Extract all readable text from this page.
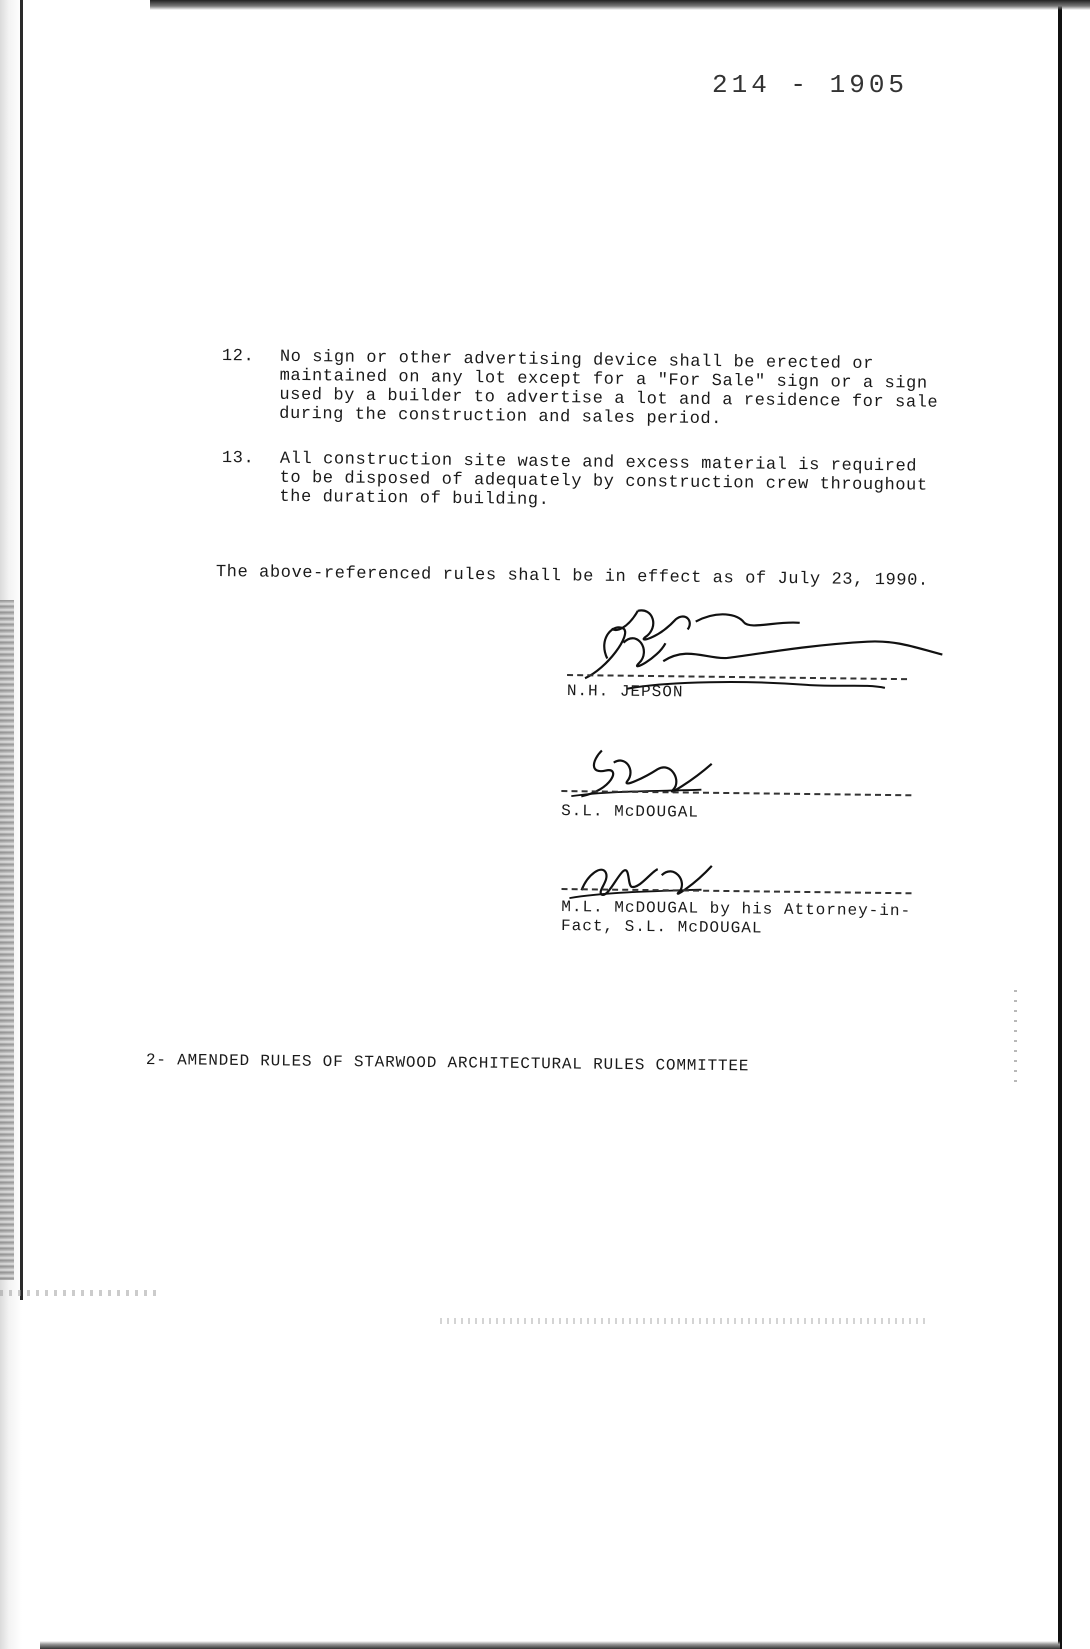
214 - 1905
12. No sign or other advertising device shall be erected or maintained on any lot except for a "For Sale" sign or a sign used by a builder to advertise a lot and a residence for sale during the construction and sales period.
13. All construction site waste and excess material is required to be disposed of adequately by construction crew throughout the duration of building.
The above-referenced rules shall be in effect as of July 23, 1990.
N.H. JEPSON
S.L. McDOUGAL
M.L. McDOUGAL by his Attorney-in-Fact, S.L. McDOUGAL
2- AMENDED RULES OF STARWOOD ARCHITECTURAL RULES COMMITTEE
